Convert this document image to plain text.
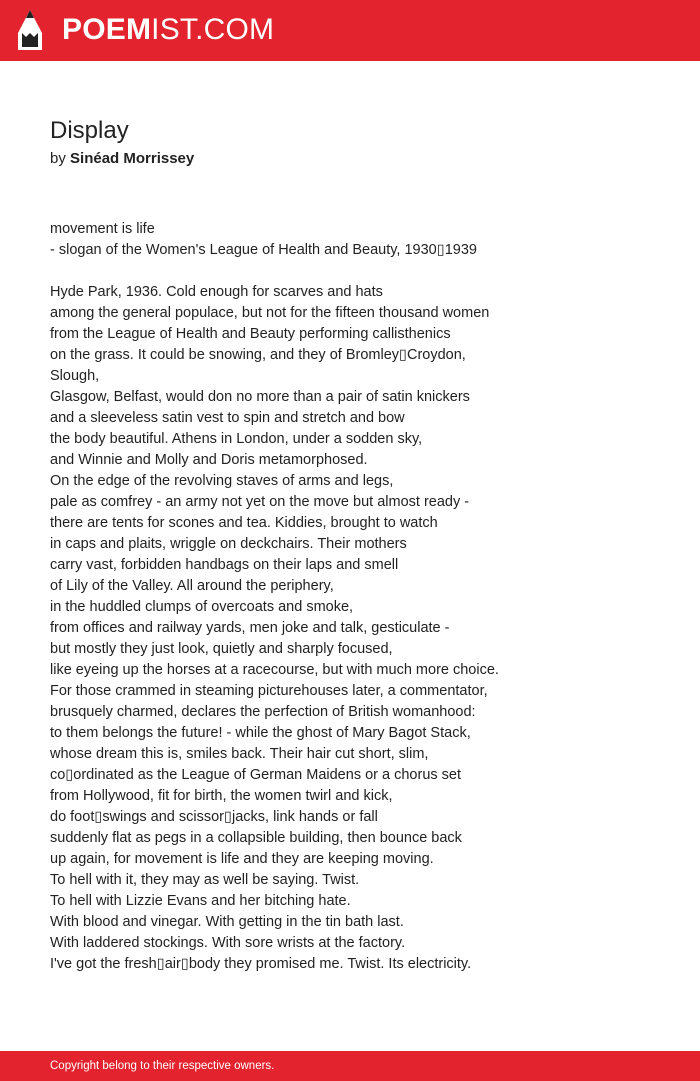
POEMIST.COM
Display
by Sinéad Morrissey
movement is life
- slogan of the Women's League of Health and Beauty, 1930▯1939
Hyde Park, 1936. Cold enough for scarves and hats
among the general populace, but not for the fifteen thousand women
from the League of Health and Beauty performing callisthenics
on the grass. It could be snowing, and they of Bromley▯Croydon,
Slough,
Glasgow, Belfast, would don no more than a pair of satin knickers
and a sleeveless satin vest to spin and stretch and bow
the body beautiful. Athens in London, under a sodden sky,
and Winnie and Molly and Doris metamorphosed.
On the edge of the revolving staves of arms and legs,
pale as comfrey - an army not yet on the move but almost ready -
there are tents for scones and tea. Kiddies, brought to watch
in caps and plaits, wriggle on deckchairs. Their mothers
carry vast, forbidden handbags on their laps and smell
of Lily of the Valley. All around the periphery,
in the huddled clumps of overcoats and smoke,
from offices and railway yards, men joke and talk, gesticulate -
but mostly they just look, quietly and sharply focused,
like eyeing up the horses at a racecourse, but with much more choice.
For those crammed in steaming picturehouses later, a commentator,
brusquely charmed, declares the perfection of British womanhood:
to them belongs the future! - while the ghost of Mary Bagot Stack,
whose dream this is, smiles back. Their hair cut short, slim,
co▯ordinated as the League of German Maidens or a chorus set
from Hollywood, fit for birth, the women twirl and kick,
do foot▯swings and scissor▯jacks, link hands or fall
suddenly flat as pegs in a collapsible building, then bounce back
up again, for movement is life and they are keeping moving.
To hell with it, they may as well be saying. Twist.
To hell with Lizzie Evans and her bitching hate.
With blood and vinegar. With getting in the tin bath last.
With laddered stockings. With sore wrists at the factory.
I've got the fresh▯air▯body they promised me. Twist. Its electricity.
Copyright belong to their respective owners.
